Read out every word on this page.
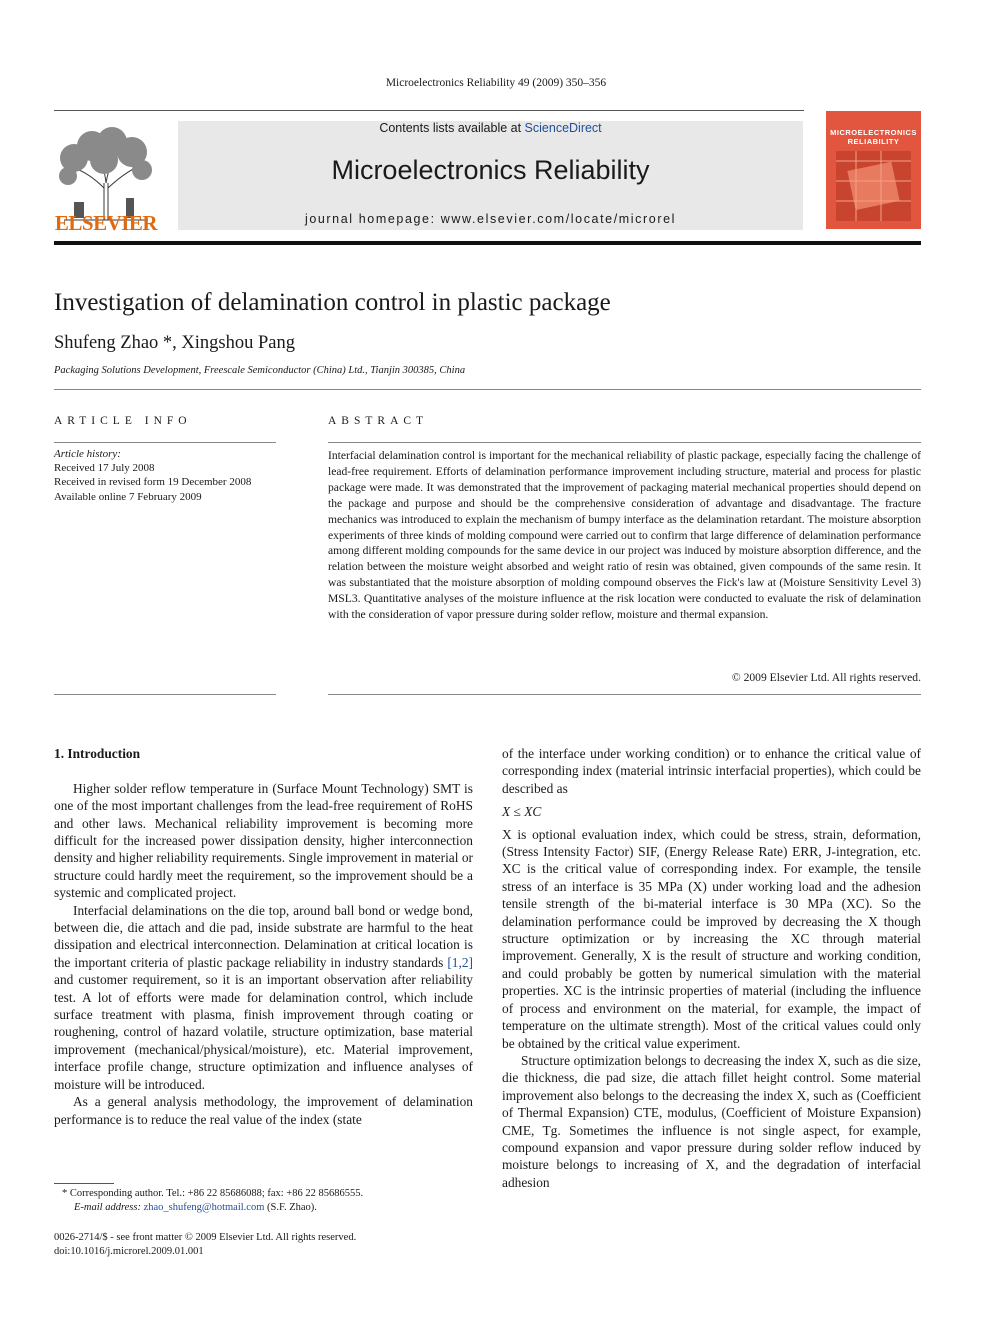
Microelectronics Reliability 49 (2009) 350–356
ELSEVIER
Contents lists available at ScienceDirect
Microelectronics Reliability
journal homepage: www.elsevier.com/locate/microrel
MICROELECTRONICS
RELIABILITY
Investigation of delamination control in plastic package
Shufeng Zhao *, Xingshou Pang
Packaging Solutions Development, Freescale Semiconductor (China) Ltd., Tianjin 300385, China
ARTICLE INFO
Article history:
Received 17 July 2008
Received in revised form 19 December 2008
Available online 7 February 2009
ABSTRACT
Interfacial delamination control is important for the mechanical reliability of plastic package, especially facing the challenge of lead-free requirement. Efforts of delamination performance improvement including structure, material and process for plastic package were made. It was demonstrated that the improvement of packaging material mechanical properties should depend on the package and purpose and should be the comprehensive consideration of advantage and disadvantage. The fracture mechanics was introduced to explain the mechanism of bumpy interface as the delamination retardant. The moisture absorption experiments of three kinds of molding compound were carried out to confirm that large difference of delamination performance among different molding compounds for the same device in our project was induced by moisture absorption difference, and the relation between the moisture weight absorbed and weight ratio of resin was obtained, given compounds of the same resin. It was substantiated that the moisture absorption of molding compound observes the Fick's law at (Moisture Sensitivity Level 3) MSL3. Quantitative analyses of the moisture influence at the risk location were conducted to evaluate the risk of delamination with the consideration of vapor pressure during solder reflow, moisture and thermal expansion.
© 2009 Elsevier Ltd. All rights reserved.

1. Introduction

Higher solder reflow temperature in (Surface Mount Technology) SMT is one of the most important challenges from the lead-free requirement of RoHS and other laws. Mechanical reliability improvement is becoming more difficult for the increased power dissipation density, higher interconnection density and higher reliability requirements. Single improvement in material or structure could hardly meet the requirement, so the improvement should be a systemic and complicated project.

Interfacial delaminations on the die top, around ball bond or wedge bond, between die, die attach and die pad, inside substrate are harmful to the heat dissipation and electrical interconnection. Delamination at critical location is the important criteria of plastic package reliability in industry standards [1,2] and customer requirement, so it is an important observation after reliability test. A lot of efforts were made for delamination control, which include surface treatment with plasma, finish improvement through coating or roughening, control of hazard volatile, structure optimization, base material improvement (mechanical/physical/moisture), etc. Material improvement, interface profile change, structure optimization and influence analyses of moisture will be introduced.

As a general analysis methodology, the improvement of delamination performance is to reduce the real value of the index (state

of the interface under working condition) or to enhance the critical value of corresponding index (material intrinsic interfacial properties), which could be described as

X ≤ XC

X is optional evaluation index, which could be stress, strain, deformation, (Stress Intensity Factor) SIF, (Energy Release Rate) ERR, J-integration, etc. XC is the critical value of corresponding index. For example, the tensile stress of an interface is 35 MPa (X) under working load and the adhesion tensile strength of the bi-material interface is 30 MPa (XC). So the delamination performance could be improved by decreasing the X though structure optimization or by increasing the XC through material improvement. Generally, X is the result of structure and working condition, and could probably be gotten by numerical simulation with the material properties. XC is the intrinsic properties of material (including the influence of process and environment on the material, for example, the impact of temperature on the ultimate strength). Most of the critical values could only be obtained by the critical value experiment.

Structure optimization belongs to decreasing the index X, such as die size, die thickness, die pad size, die attach fillet height control. Some material improvement also belongs to the decreasing the index X, such as (Coefficient of Thermal Expansion) CTE, modulus, (Coefficient of Moisture Expansion) CME, Tg. Sometimes the influence is not single aspect, for example, compound expansion and vapor pressure during solder reflow induced by moisture belongs to increasing of X, and the degradation of interfacial adhesion

* Corresponding author. Tel.: +86 22 85686088; fax: +86 22 85686555.
E-mail address: zhao_shufeng@hotmail.com (S.F. Zhao).
0026-2714/$ - see front matter © 2009 Elsevier Ltd. All rights reserved.
doi:10.1016/j.microrel.2009.01.001
